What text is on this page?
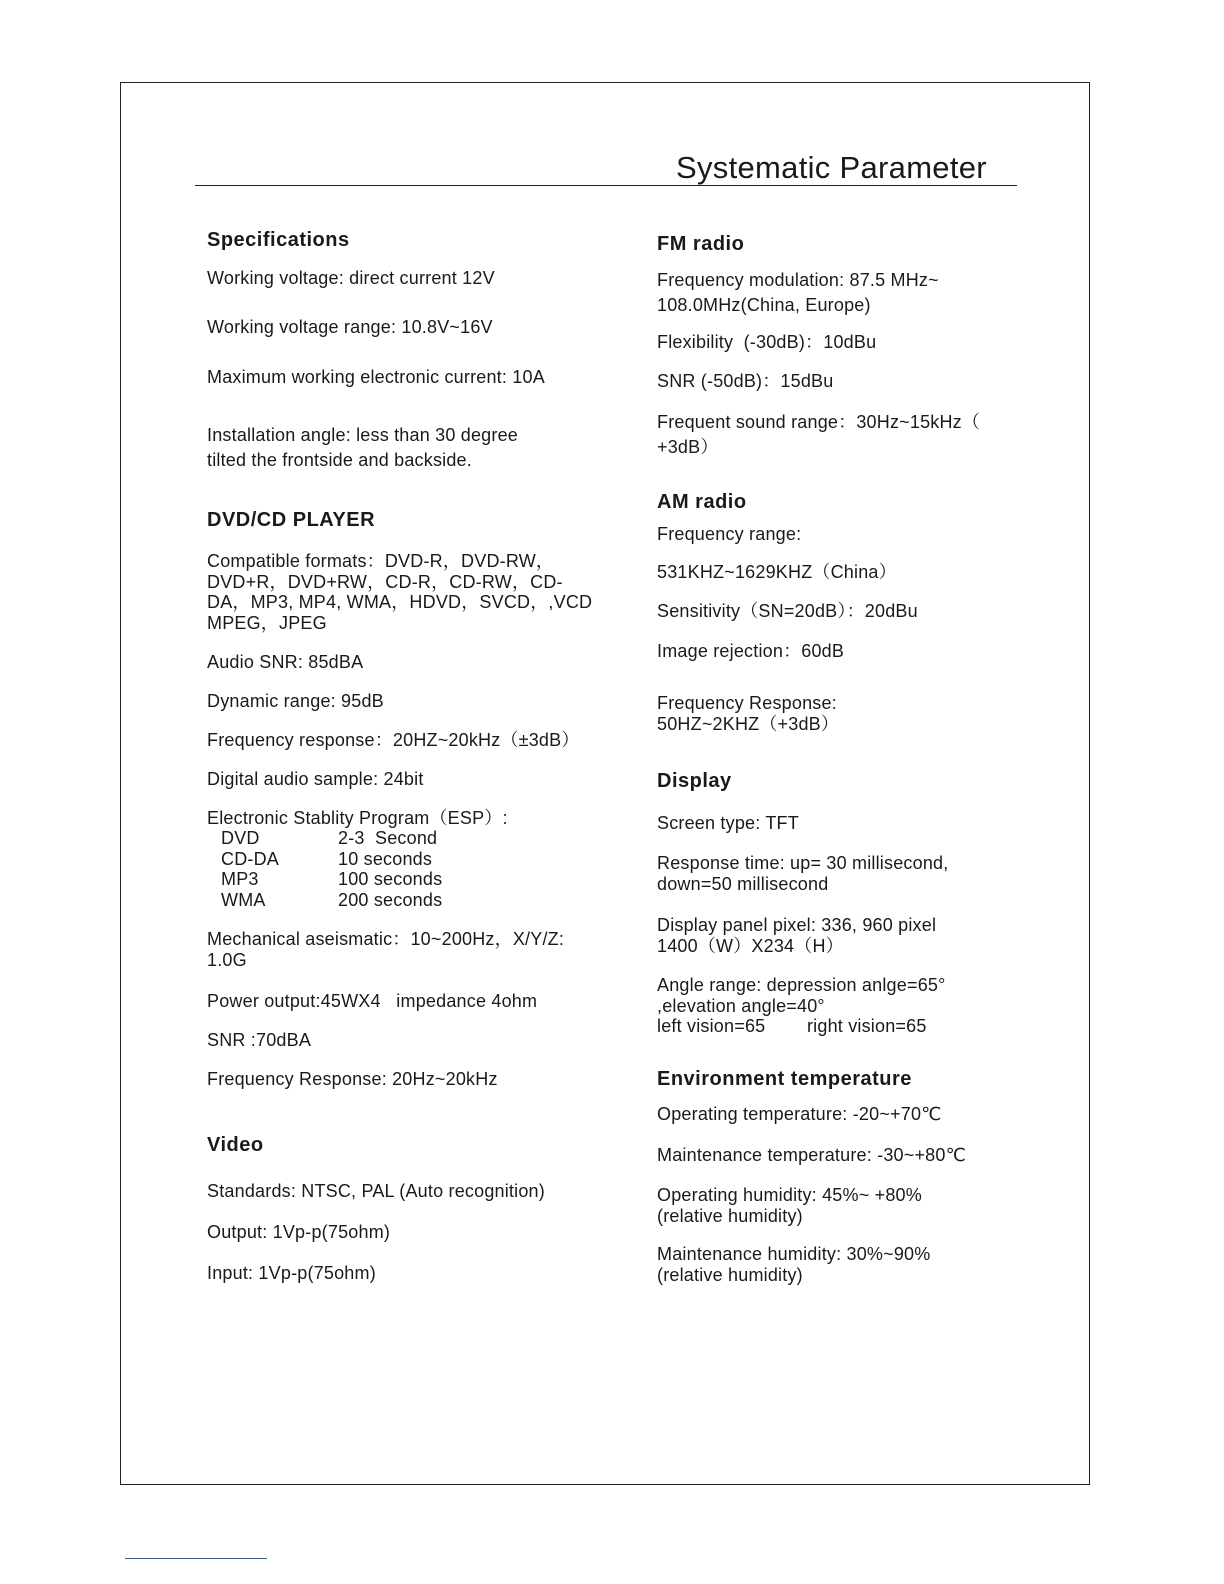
Systematic Parameter
Specifications
Working voltage: direct current 12V
Working voltage range: 10.8V~16V
Maximum working electronic current: 10A
Installation angle: less than 30 degree
tilted the frontside and backside.
DVD/CD PLAYER
Compatible formats：DVD-R，DVD-RW，
DVD+R，DVD+RW，CD-R，CD-RW，CD-
DA，MP3, MP4, WMA，HDVD，SVCD，,VCD
MPEG，JPEG
Audio SNR: 85dBA
Dynamic range: 95dB
Frequency response：20HZ~20kHz（±3dB）
Digital audio sample: 24bit
Electronic Stablity Program（ESP）:
DVD	2-3  Second
CD-DA	10 seconds
MP3	100 seconds
WMA	200 seconds
Mechanical aseismatic：10~200Hz，X/Y/Z:
1.0G
Power output:45WX4   impedance 4ohm
SNR :70dBA
Frequency Response: 20Hz~20kHz
Video
Standards: NTSC, PAL (Auto recognition)
Output: 1Vp-p(75ohm)
Input: 1Vp-p(75ohm)
FM radio
Frequency modulation: 87.5 MHz~
108.0MHz(China, Europe)
Flexibility  (-30dB)：10dBu
SNR (-50dB)：15dBu
Frequent sound range：30Hz~15kHz（
+3dB）
AM radio
Frequency range:
531KHZ~1629KHZ（China）
Sensitivity（SN=20dB）：20dBu
Image rejection：60dB
Frequency Response:
50HZ~2KHZ（+3dB）
Display
Screen type: TFT
Response time: up= 30 millisecond,
down=50 millisecond
Display panel pixel: 336, 960 pixel
1400（W）X234（H）
Angle range: depression anlge=65°
,elevation angle=40°
left vision=65        right vision=65
Environment temperature
Operating temperature: -20~+70℃
Maintenance temperature: -30~+80℃
Operating humidity: 45%~ +80%
(relative humidity)
Maintenance humidity: 30%~90%
(relative humidity)
